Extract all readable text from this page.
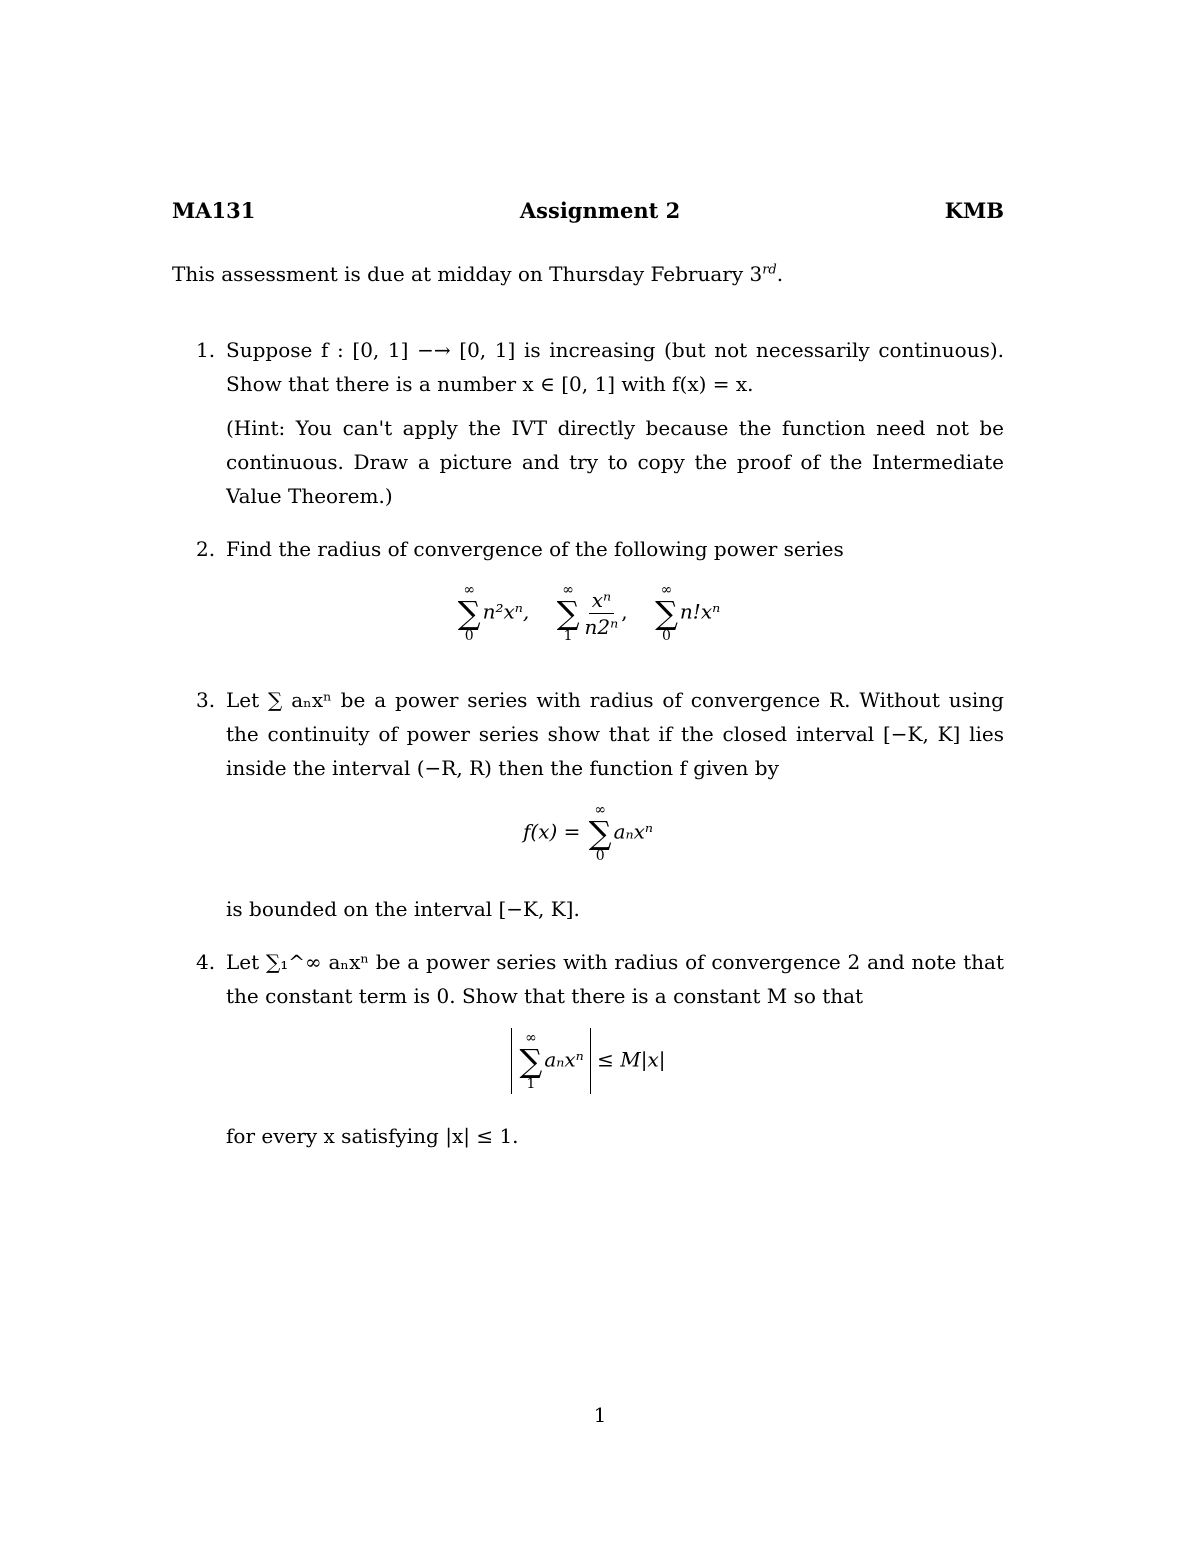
MA131	Assignment 2	KMB
This assessment is due at midday on Thursday February 3rd.
1. Suppose f : [0, 1] −→ [0, 1] is increasing (but not necessarily continuous). Show that there is a number x ∈ [0, 1] with f(x) = x.

(Hint: You can't apply the IVT directly because the function need not be continuous. Draw a picture and try to copy the proof of the Intermediate Value Theorem.)

2. Find the radius of convergence of the following power series

∞
∑
0
n²xⁿ,
∞
∑
$1 \frac{\text{xⁿ}}{\text{n2ⁿ}}$ ,
∞
∑
0
n!xⁿ
3. Let ∑ aₙxⁿ be a power series with radius of convergence R. Without using the continuity of power series show that if the closed interval [−K, K] lies inside the interval (−R, R) then the function f given by

f(x) =
∞
∑
0
aₙxⁿ

is bounded on the interval [−K, K].

4. Let ∑₁^∞ aₙxⁿ be a power series with radius of convergence 2 and note that the constant term is 0. Show that there is a constant M so that

∞
∑
1
aₙxⁿ ≤ M|x|

for every x satisfying |x| ≤ 1.

1
